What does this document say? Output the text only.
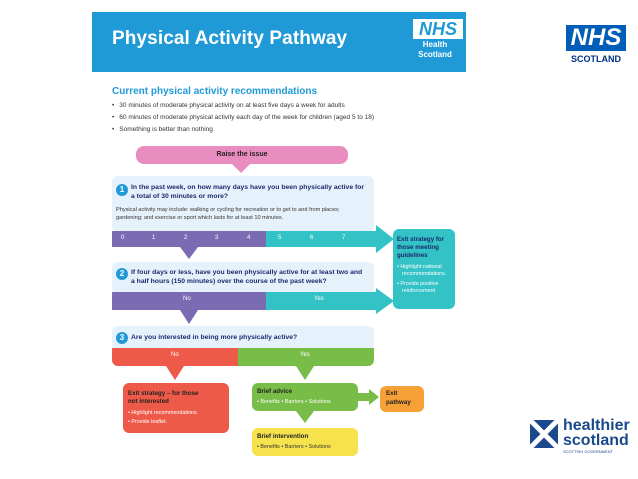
Physical Activity Pathway	NHS
Health
Scotland
NHS
SCOTLAND
healthier
scotland
SCOTTISH GOVERNMENT
Current physical activity recommendations
• 30 minutes of moderate physical activity on at least five days a week for adults
• 60 minutes of moderate physical activity each day of the week for children (aged 5 to 18)
• Something is better than nothing
Raise the issue
1 In the past week, on how many days have you been physically active for
a total of 30 minutes or more?
Physical activity may include: walking or cycling for recreation or to get to and from places;
gardening; and exercise or sport which lasts for at least 10 minutes.
0	1	2	3	4	5	6	7	Exit strategy for
those meeting
guidelines
• Highlight national
recommendations.
• Provide positive
reinforcement.
2 If four days or less, have you been physically active for at least two and
a half hours (150 minutes) over the course of the past week?
No	Yes
3 Are you interested in being more physically active?
No	Yes
Exit strategy – for those
not interested
• Highlight recommendations.
• Provide leaflet.
Brief advice
• Benefits • Barriers • Solutions
Exit
pathway
Brief intervention
• Benefits • Barriers • Solutions
